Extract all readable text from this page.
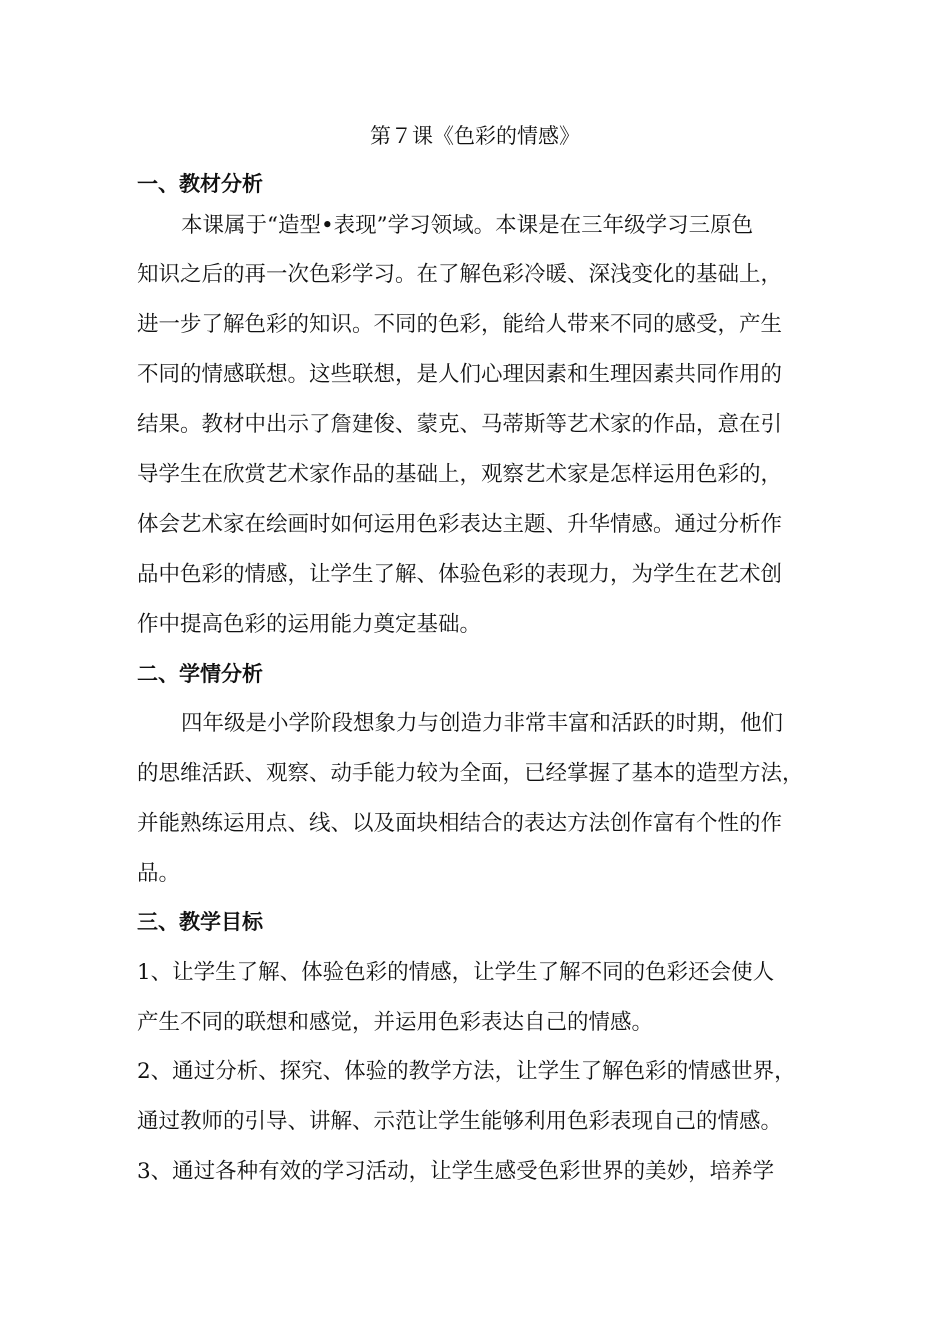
第７课《色彩的情感》
一、教材分析
本课属于“造型•表现”学习领域。本课是在三年级学习三原色
知识之后的再一次色彩学习。在了解色彩冷暖、深浅变化的基础上，
进一步了解色彩的知识。不同的色彩，能给人带来不同的感受，产生
不同的情感联想。这些联想，是人们心理因素和生理因素共同作用的
结果。教材中出示了詹建俊、蒙克、马蒂斯等艺术家的作品，意在引
导学生在欣赏艺术家作品的基础上，观察艺术家是怎样运用色彩的，
体会艺术家在绘画时如何运用色彩表达主题、升华情感。通过分析作
品中色彩的情感，让学生了解、体验色彩的表现力，为学生在艺术创
作中提高色彩的运用能力奠定基础。
二、学情分析
四年级是小学阶段想象力与创造力非常丰富和活跃的时期，他们
的思维活跃、观察、动手能力较为全面，已经掌握了基本的造型方法，
并能熟练运用点、线、以及面块相结合的表达方法创作富有个性的作
品。
三、教学目标
1、让学生了解、体验色彩的情感，让学生了解不同的色彩还会使人
产生不同的联想和感觉，并运用色彩表达自己的情感。
2、通过分析、探究、体验的教学方法，让学生了解色彩的情感世界，
通过教师的引导、讲解、示范让学生能够利用色彩表现自己的情感。
3、通过各种有效的学习活动，让学生感受色彩世界的美妙，培养学
